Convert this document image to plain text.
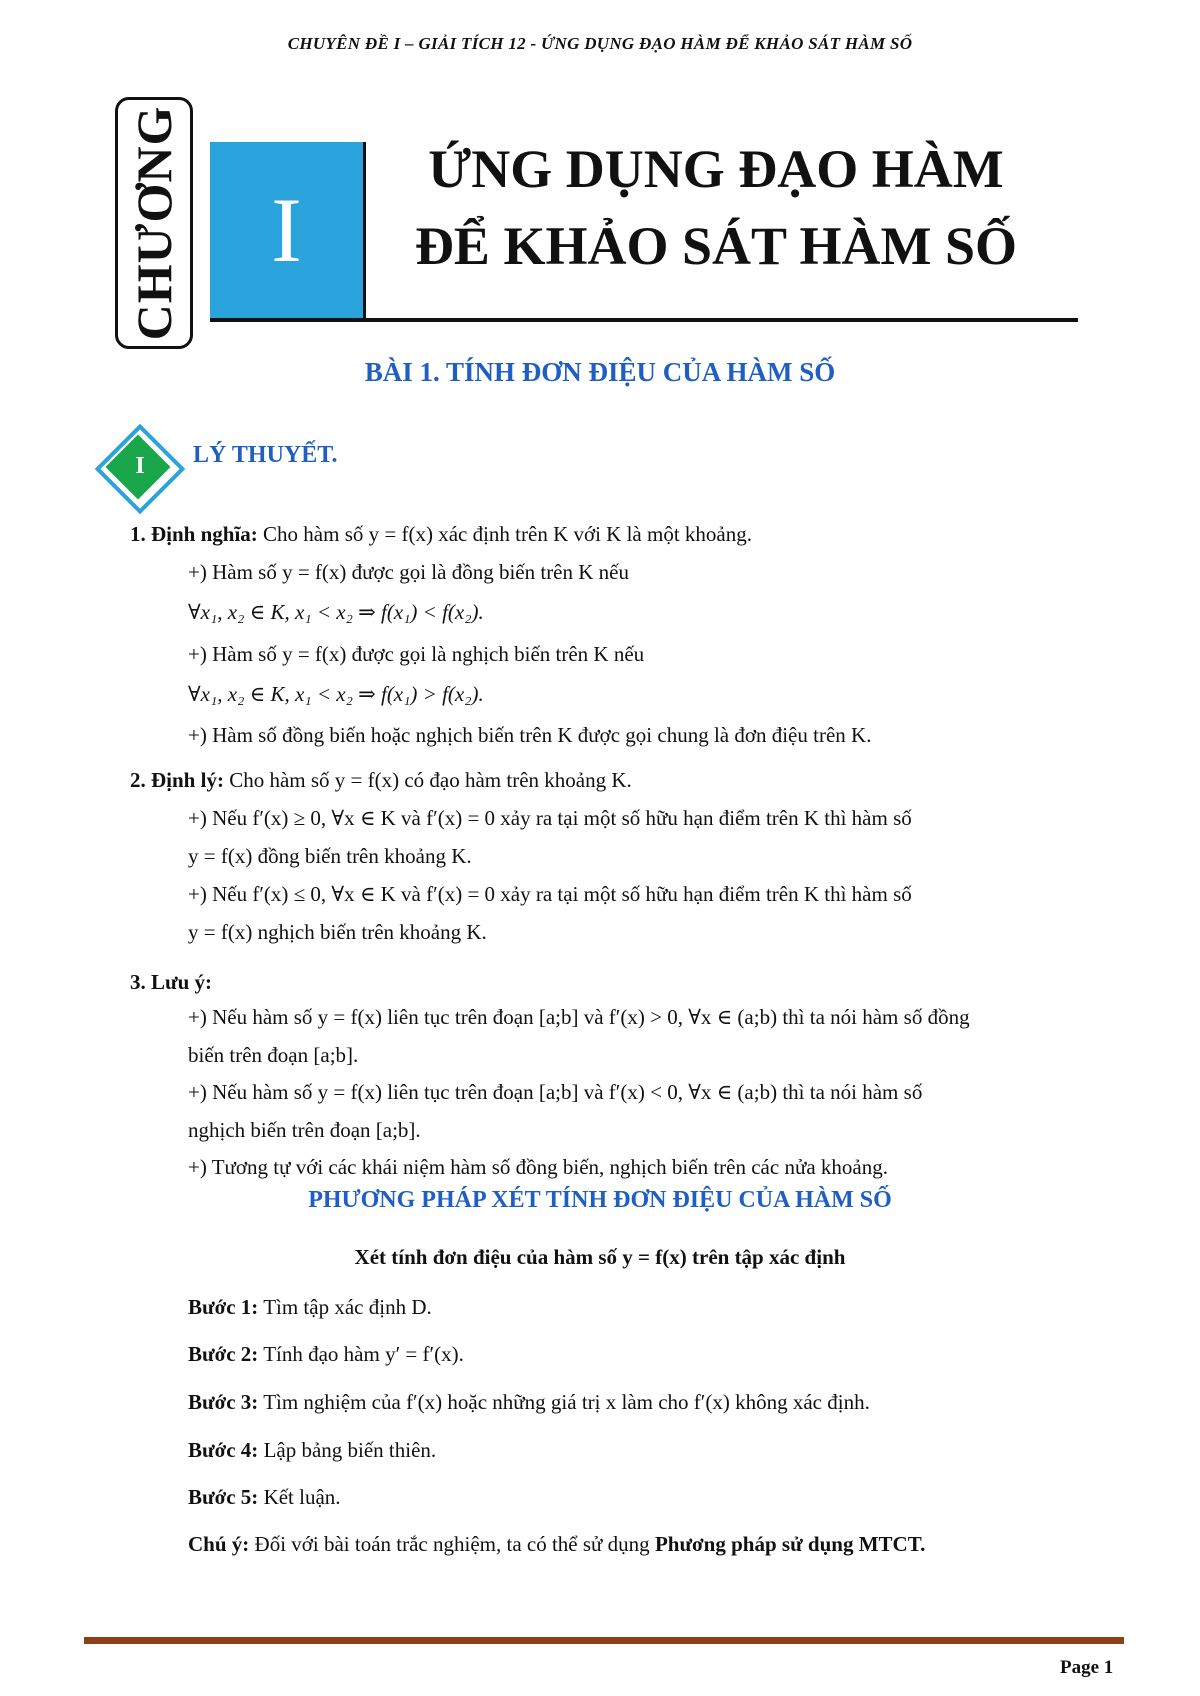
CHUYÊN ĐỀ I – GIẢI TÍCH 12 - ỨNG DỤNG ĐẠO HÀM ĐỂ KHẢO SÁT HÀM SỐ
CHƯƠNG I
ỨNG DỤNG ĐẠO HÀM
ĐỂ KHẢO SÁT HÀM SỐ
BÀI 1. TÍNH ĐƠN ĐIỆU CỦA HÀM SỐ
I	LÝ THUYẾT.
1. Định nghĩa: Cho hàm số y = f(x) xác định trên K với K là một khoảng.
+) Hàm số y = f(x) được gọi là đồng biến trên K nếu
∀x₁, x₂ ∈ K, x₁ < x₂ ⇒ f(x₁) < f(x₂).
+) Hàm số y = f(x) được gọi là nghịch biến trên K nếu
∀x₁, x₂ ∈ K, x₁ < x₂ ⇒ f(x₁) > f(x₂).
+) Hàm số đồng biến hoặc nghịch biến trên K được gọi chung là đơn điệu trên K.
2. Định lý: Cho hàm số y = f(x) có đạo hàm trên khoảng K.
+) Nếu f′(x) ≥ 0, ∀x ∈ K và f′(x) = 0 xảy ra tại một số hữu hạn điểm trên K thì hàm số
y = f(x) đồng biến trên khoảng K.
+) Nếu f′(x) ≤ 0, ∀x ∈ K và f′(x) = 0 xảy ra tại một số hữu hạn điểm trên K thì hàm số
y = f(x) nghịch biến trên khoảng K.
3. Lưu ý:
+) Nếu hàm số y = f(x) liên tục trên đoạn [a;b] và f′(x) > 0, ∀x ∈ (a;b) thì ta nói hàm số đồng
biến trên đoạn [a;b].
+) Nếu hàm số y = f(x) liên tục trên đoạn [a;b] và f′(x) < 0, ∀x ∈ (a;b) thì ta nói hàm số
nghịch biến trên đoạn [a;b].
+) Tương tự với các khái niệm hàm số đồng biến, nghịch biến trên các nửa khoảng.
PHƯƠNG PHÁP XÉT TÍNH ĐƠN ĐIỆU CỦA HÀM SỐ
Xét tính đơn điệu của hàm số y = f(x) trên tập xác định
Bước 1: Tìm tập xác định D.
Bước 2: Tính đạo hàm y′ = f′(x).
Bước 3: Tìm nghiệm của f′(x) hoặc những giá trị x làm cho f′(x) không xác định.
Bước 4: Lập bảng biến thiên.
Bước 5: Kết luận.
Chú ý: Đối với bài toán trắc nghiệm, ta có thể sử dụng Phương pháp sử dụng MTCT.
Page 1
